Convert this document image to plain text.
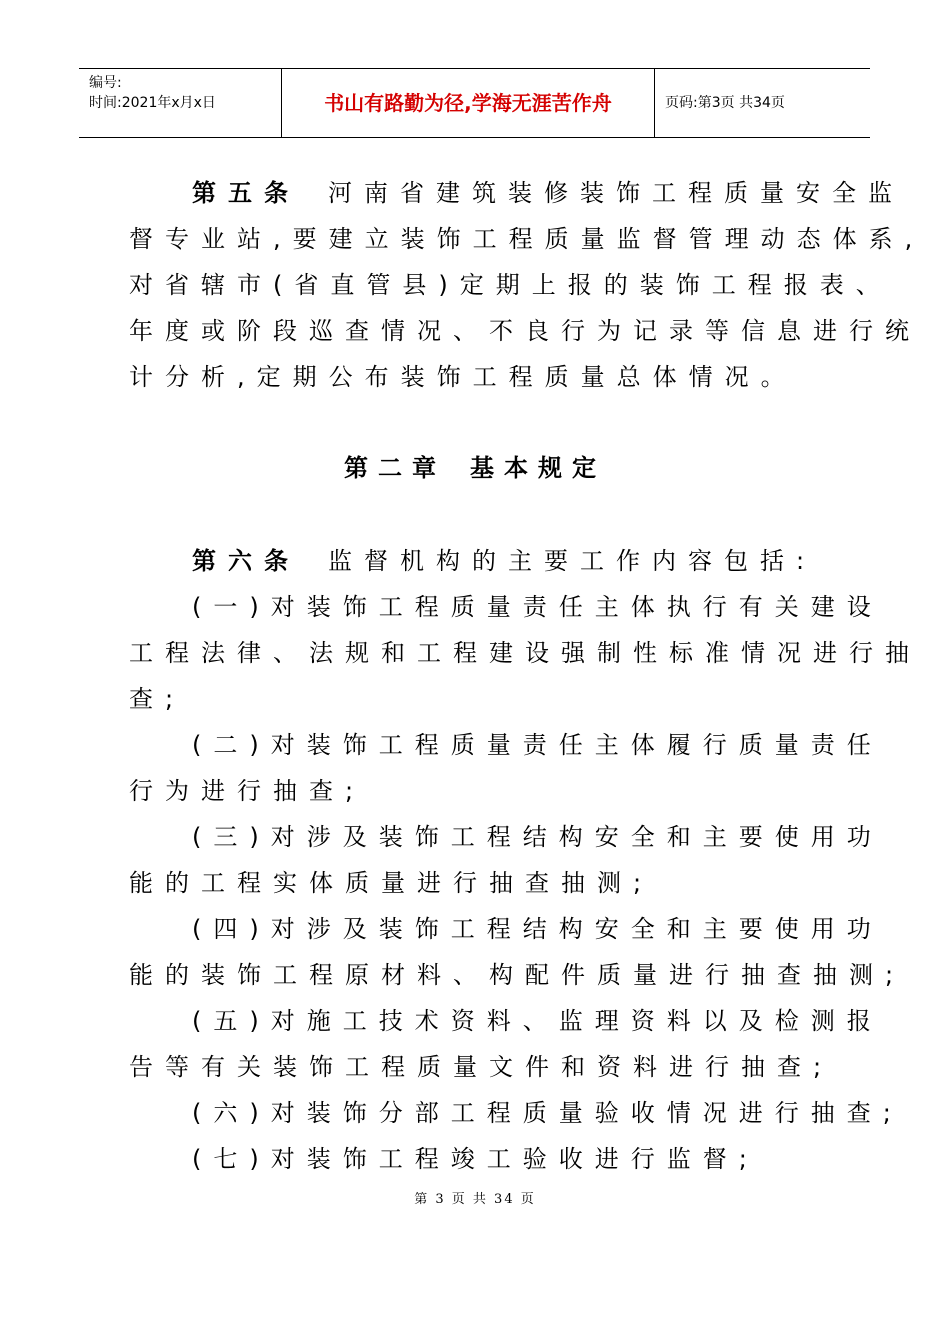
编号:
时间:2021年x月x日	书山有路勤为径,学海无涯苦作舟	页码:第3页 共34页
第五条 河南省建筑装修装饰工程质量安全监
督专业站,要建立装饰工程质量监督管理动态体系,
对省辖市(省直管县)定期上报的装饰工程报表、
年度或阶段巡查情况、不良行为记录等信息进行统
计分析,定期公布装饰工程质量总体情况。
第二章 基本规定
第六条 监督机构的主要工作内容包括:
(一)对装饰工程质量责任主体执行有关建设
工程法律、法规和工程建设强制性标准情况进行抽
查;
(二)对装饰工程质量责任主体履行质量责任
行为进行抽查;
(三)对涉及装饰工程结构安全和主要使用功
能的工程实体质量进行抽查抽测;
(四)对涉及装饰工程结构安全和主要使用功
能的装饰工程原材料、构配件质量进行抽查抽测;
(五)对施工技术资料、监理资料以及检测报
告等有关装饰工程质量文件和资料进行抽查;
(六)对装饰分部工程质量验收情况进行抽查;
(七)对装饰工程竣工验收进行监督;
第 3 页 共 34 页
